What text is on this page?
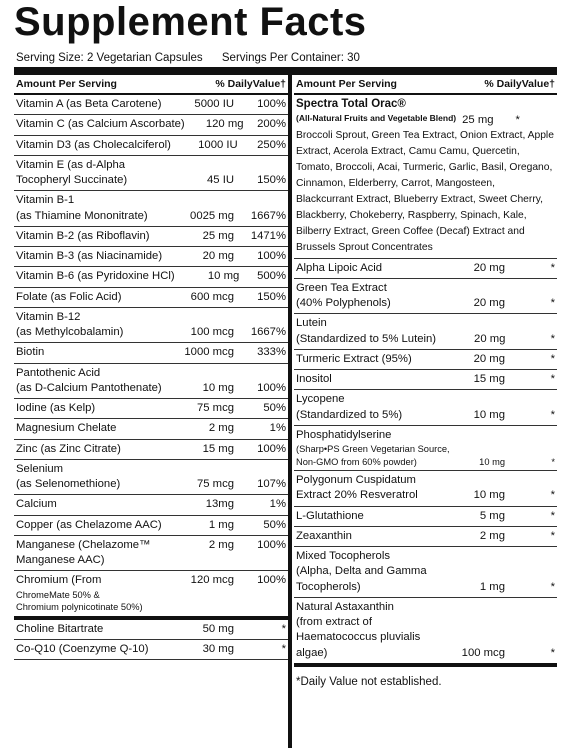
Supplement Facts
Serving Size: 2 Vegetarian Capsules Servings Per Container: 30
Amount Per Serving	% DailyValue†
Vitamin A (as Beta Carotene)	5000 IU	100%
Vitamin C (as Calcium Ascorbate)	120 mg	200%
Vitamin D3 (as Cholecalciferol)	1000 IU	250%
Vitamin E (as d-Alpha
Tocopheryl Succinate)	45 IU	150%
Vitamin B-1
(as Thiamine Mononitrate)	0025 mg	1667%
Vitamin B-2 (as Riboflavin)	25 mg	1471%
Vitamin B-3 (as Niacinamide)	20 mg	100%
Vitamin B-6 (as Pyridoxine HCl)	10 mg	500%
Folate (as Folic Acid)	600 mcg	150%
Vitamin B-12
(as Methylcobalamin)	100 mcg	1667%
Biotin	1000 mcg	333%
Pantothenic Acid
(as D-Calcium Pantothenate)	10 mg	100%
Iodine (as Kelp)	75 mcg	50%
Magnesium Chelate	2 mg	1%
Zinc (as Zinc Citrate)	15 mg	100%
Selenium
(as Selenomethione)	75 mcg	107%
Calcium	13mg	1%
Copper (as Chelazome AAC)	1 mg	50%
Manganese (Chelazome™	2 mg	100%
Manganese AAC)
Chromium (From	120 mcg	100%
ChromeMate 50% &
Chromium polynicotinate 50%)
Choline Bitartrate	50 mg	*
Co-Q10 (Coenzyme Q-10)	30 mg	*
Amount Per Serving	% DailyValue†
Spectra Total Orac®
(All-Natural Fruits and Vegetable Blend) 25 mg *
Broccoli Sprout, Green Tea Extract, Onion Extract, Apple Extract, Acerola Extract, Camu Camu, Quercetin, Tomato, Broccoli, Acai, Turmeric, Garlic, Basil, Oregano, Cinnamon, Elderberry, Carrot, Mangosteen, Blackcurrant Extract, Blueberry Extract, Sweet Cherry, Blackberry, Chokeberry, Raspberry, Spinach, Kale, Bilberry Extract, Green Coffee (Decaf) Extract and Brussels Sprout Concentrates
Alpha Lipoic Acid	20 mg	*
Green Tea Extract
(40% Polyphenols)	20 mg	*
Lutein
(Standardized to 5% Lutein)	20 mg	*
Turmeric Extract (95%)	20 mg	*
Inositol	15 mg	*
Lycopene
(Standardized to 5%)	10 mg	*
Phosphatidylserine
(Sharp•PS Green Vegetarian Source,
Non-GMO from 60% powder)	10 mg	*
Polygonum Cuspidatum
Extract 20% Resveratrol	10 mg	*
L-Glutathione	5 mg	*
Zeaxanthin	2 mg	*
Mixed Tocopherols
(Alpha, Delta and Gamma
Tocopherols)	1 mg	*
Natural Astaxanthin
(from extract of
Haematococcus pluvialis
algae)	100 mcg	*
*Daily Value not established.
